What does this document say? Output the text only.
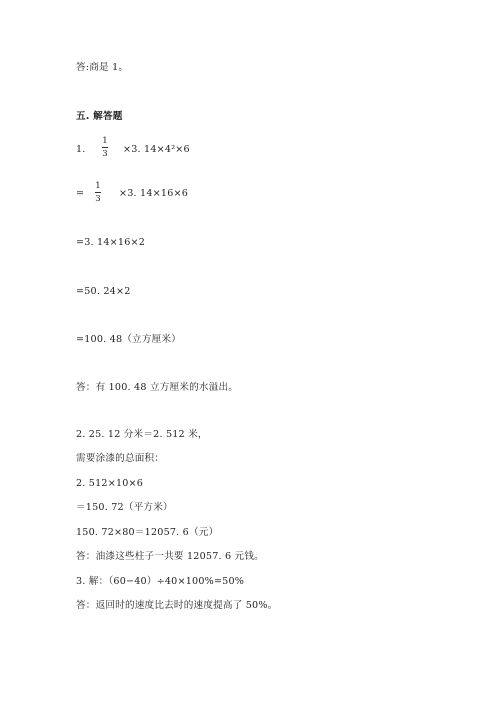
答:商是 1。
五. 解答题
1.
1
3 ×3. 14×4²×6
=
1
3 ×3. 14×16×6
=3. 14×16×2
=50. 24×2
=100. 48（立方厘米）
答：有 100. 48 立方厘米的水溢出。
2. 25. 12 分米＝2. 512 米，
需要涂漆的总面积：
2. 512×10×6
＝150. 72（平方米）
150. 72×80＝12057. 6（元）
答：油漆这些柱子一共要 12057. 6 元钱。
3. 解：（60−40）÷40×100%=50%
答：返回时的速度比去时的速度提高了 50%。
